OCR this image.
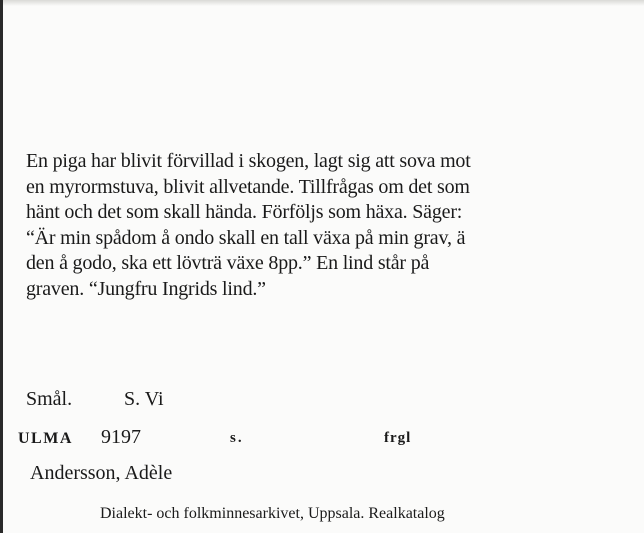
En piga har blivit förvillad i skogen, lagt sig att sova mot
en myrormstuva, blivit allvetande. Tillfrågas om det som
hänt och det som skall hända. Förföljs som häxa. Säger:
“Är min spådom å ondo skall en tall växa på min grav, ä
den å godo, ska ett lövträ växe 8pp.” En lind står på
graven. “Jungfru Ingrids lind.”

Smål.	S. Vi
ULMA 9197	s.	frgl
Andersson, Adèle
Dialekt- och folkminnesarkivet, Uppsala. Realkatalog
